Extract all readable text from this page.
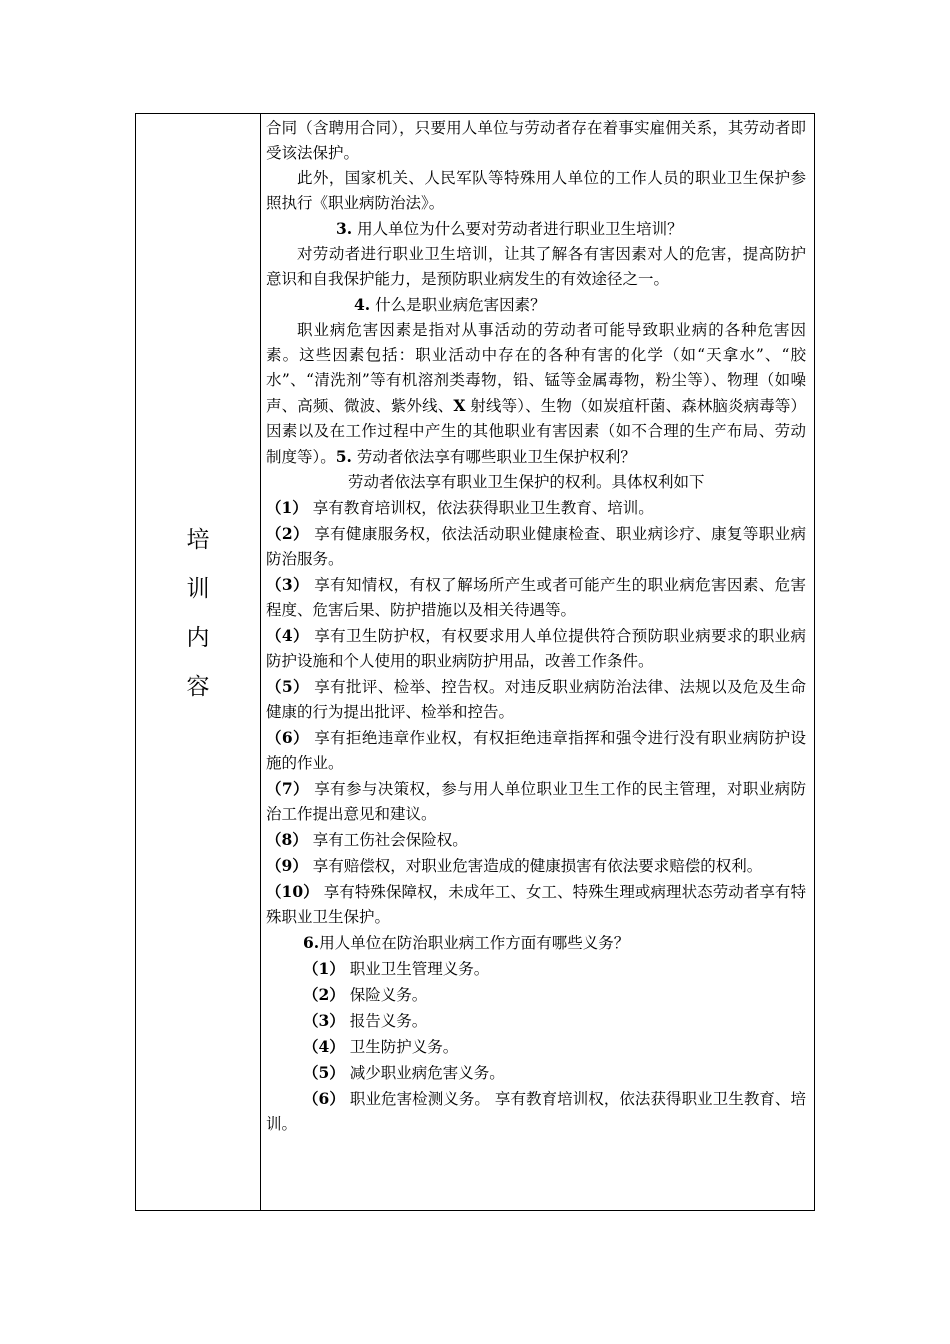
培
训
内
容

合同（含聘用合同），只要用人单位与劳动者存在着事实雇佣关系，其劳动者即受该法保护。

此外，国家机关、人民军队等特殊用人单位的工作人员的职业卫生保护参照执行《职业病防治法》。

3. 用人单位为什么要对劳动者进行职业卫生培训？

对劳动者进行职业卫生培训，让其了解各有害因素对人的危害，提高防护意识和自我保护能力，是预防职业病发生的有效途径之一。

4. 什么是职业病危害因素？

职业病危害因素是指对从事活动的劳动者可能导致职业病的各种危害因素。这些因素包括：职业活动中存在的各种有害的化学（如“天拿水”、“胶水”、“清洗剂”等有机溶剂类毒物，铅、锰等金属毒物，粉尘等）、物理（如噪声、高频、微波、紫外线、X 射线等）、生物（如炭疽杆菌、森林脑炎病毒等）因素以及在工作过程中产生的其他职业有害因素（如不合理的生产布局、劳动制度等）。5. 劳动者依法享有哪些职业卫生保护权利？

劳动者依法享有职业卫生保护的权利。具体权利如下

（1） 享有教育培训权，依法获得职业卫生教育、培训。

（2） 享有健康服务权，依法活动职业健康检查、职业病诊疗、康复等职业病防治服务。

（3） 享有知情权，有权了解场所产生或者可能产生的职业病危害因素、危害程度、危害后果、防护措施以及相关待遇等。

（4） 享有卫生防护权，有权要求用人单位提供符合预防职业病要求的职业病防护设施和个人使用的职业病防护用品，改善工作条件。

（5） 享有批评、检举、控告权。对违反职业病防治法律、法规以及危及生命健康的行为提出批评、检举和控告。

（6） 享有拒绝违章作业权，有权拒绝违章指挥和强令进行没有职业病防护设施的作业。

（7） 享有参与决策权，参与用人单位职业卫生工作的民主管理，对职业病防治工作提出意见和建议。

（8） 享有工伤社会保险权。

（9） 享有赔偿权，对职业危害造成的健康损害有依法要求赔偿的权利。

（10） 享有特殊保障权，未成年工、女工、特殊生理或病理状态劳动者享有特殊职业卫生保护。

6.用人单位在防治职业病工作方面有哪些义务？

（1） 职业卫生管理义务。

（2） 保险义务。

（3） 报告义务。

（4） 卫生防护义务。

（5） 减少职业病危害义务。

（6） 职业危害检测义务。 享有教育培训权，依法获得职业卫生教育、培训。
